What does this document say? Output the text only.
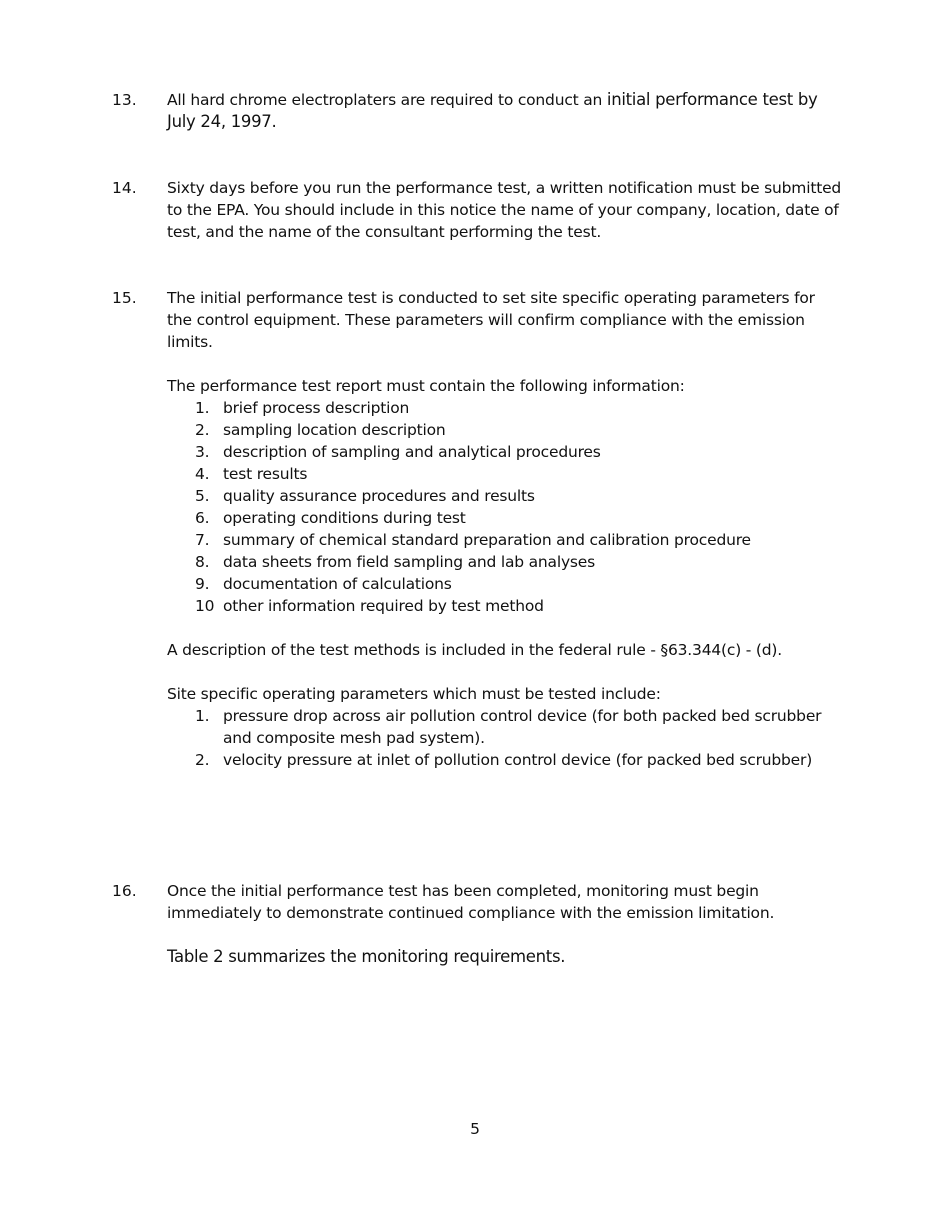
13.	All hard chrome electroplaters are required to conduct an initial performance test by July 24, 1997.
14.	Sixty days before you run the performance test, a written notification must be submitted to the EPA. You should include in this notice the name of your company, location, date of test, and the name of the consultant performing the test.
15.	The initial performance test is conducted to set site specific operating parameters for the control equipment. These parameters will confirm compliance with the emission limits.

The performance test report must contain the following information:

1. brief process description
2. sampling location description
3. description of sampling and analytical procedures
4. test results
5. quality assurance procedures and results
6. operating conditions during test
7. summary of chemical standard preparation and calibration procedure
8. data sheets from field sampling and lab analyses
9. documentation of calculations
10 other information required by test method

A description of the test methods is included in the federal rule - §63.344(c) - (d).

Site specific operating parameters which must be tested include:

1. pressure drop across air pollution control device (for both packed bed scrubber and composite mesh pad system).
2. velocity pressure at inlet of pollution control device (for packed bed scrubber)
16.	Once the initial performance test has been completed, monitoring must begin immediately to demonstrate continued compliance with the emission limitation.

Table 2 summarizes the monitoring requirements.

5
